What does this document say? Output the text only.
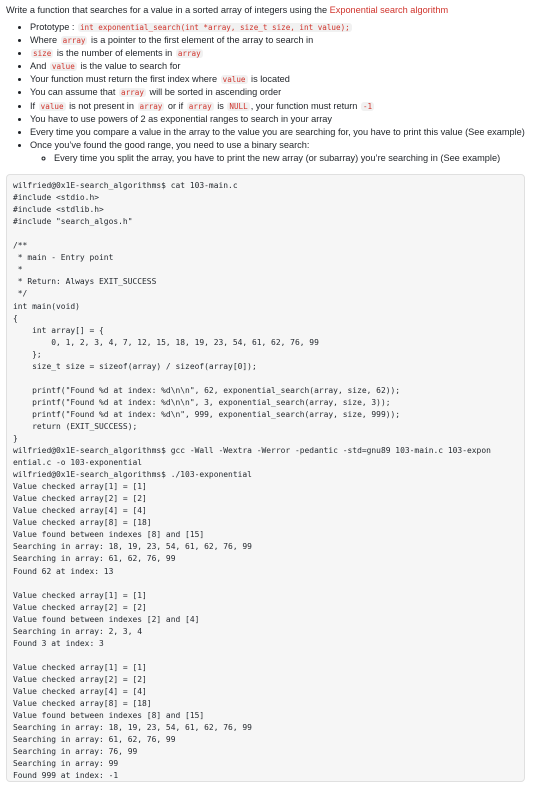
Write a function that searches for a value in a sorted array of integers using the Exponential search algorithm

• Prototype : int exponential_search(int *array, size_t size, int value);
• Where array is a pointer to the first element of the array to search in
• size is the number of elements in array
• And value is the value to search for
• Your function must return the first index where value is located
• You can assume that array will be sorted in ascending order
• If value is not present in array or if array is NULL , your function must return -1
• You have to use powers of 2 as exponential ranges to search in your array
• Every time you compare a value in the array to the value you are searching for, you have to print this value (See example)
• Once you’ve found the good range, you need to use a binary search:
◦ Every time you split the array, you have to print the new array (or subarray) you’re searching in (See example)
wilfried@0x1E-search_algorithms$ cat 103-main.c
#include <stdio.h>
#include <stdlib.h>
#include "search_algos.h"

/**
* main - Entry point
*
* Return: Always EXIT_SUCCESS
*/
int main(void)
{
int array[] = {
0, 1, 2, 3, 4, 7, 12, 15, 18, 19, 23, 54, 61, 62, 76, 99
};
size_t size = sizeof(array) / sizeof(array[0]);

printf("Found %d at index: %d\n\n", 62, exponential_search(array, size, 62));
printf("Found %d at index: %d\n\n", 3, exponential_search(array, size, 3));
printf("Found %d at index: %d\n", 999, exponential_search(array, size, 999));
return (EXIT_SUCCESS);
}
wilfried@0x1E-search_algorithms$ gcc -Wall -Wextra -Werror -pedantic -std=gnu89 103-main.c 103-expon
ential.c -o 103-exponential
wilfried@0x1E-search_algorithms$ ./103-exponential
Value checked array[1] = [1]
Value checked array[2] = [2]
Value checked array[4] = [4]
Value checked array[8] = [18]
Value found between indexes [8] and [15]
Searching in array: 18, 19, 23, 54, 61, 62, 76, 99
Searching in array: 61, 62, 76, 99
Found 62 at index: 13

Value checked array[1] = [1]
Value checked array[2] = [2]
Value found between indexes [2] and [4]
Searching in array: 2, 3, 4
Found 3 at index: 3

Value checked array[1] = [1]
Value checked array[2] = [2]
Value checked array[4] = [4]
Value checked array[8] = [18]
Value found between indexes [8] and [15]
Searching in array: 18, 19, 23, 54, 61, 62, 76, 99
Searching in array: 61, 62, 76, 99
Searching in array: 76, 99
Searching in array: 99
Found 999 at index: -1
